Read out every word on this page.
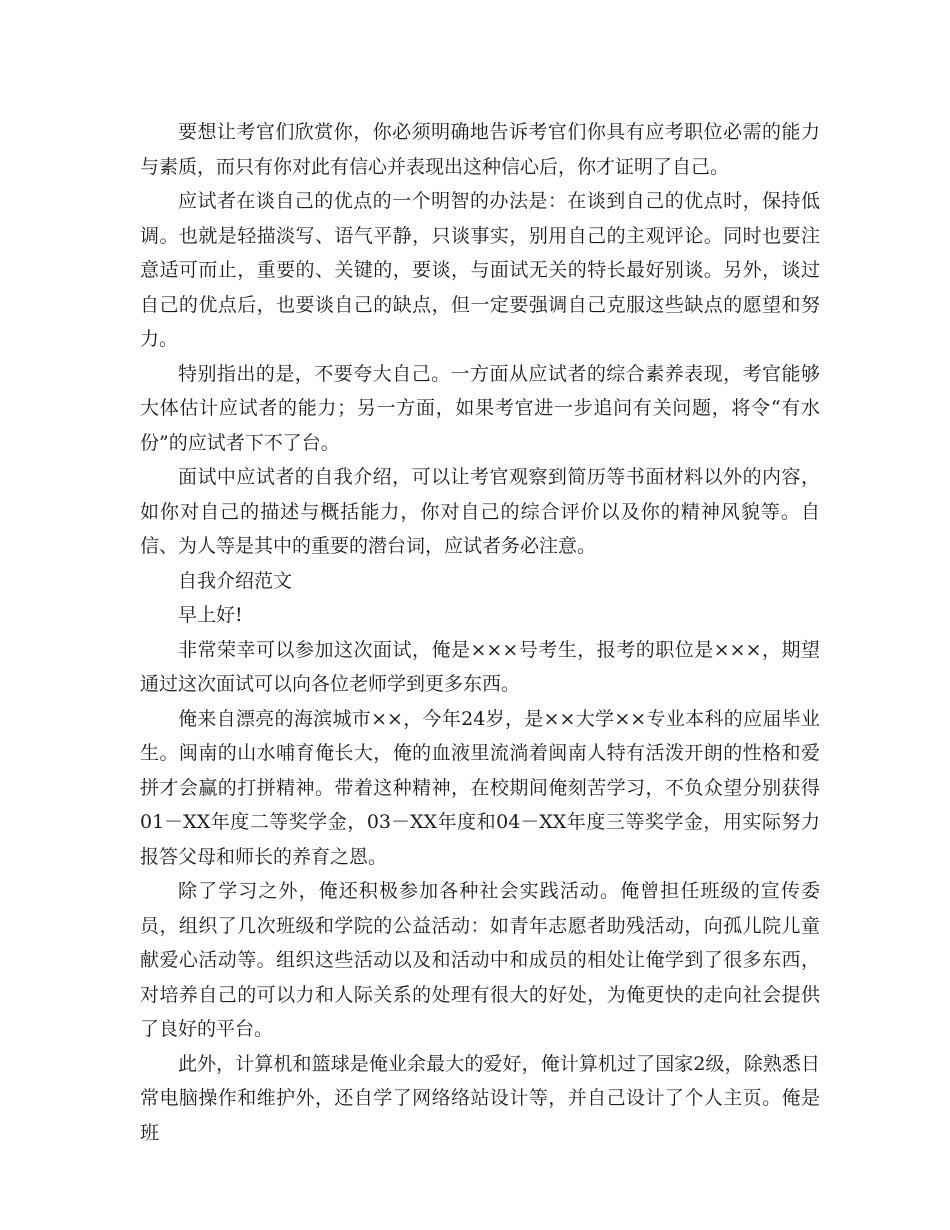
要想让考官们欣赏你，你必须明确地告诉考官们你具有应考职位必需的能力与素质，而只有你对此有信心并表现出这种信心后，你才证明了自己。

应试者在谈自己的优点的一个明智的办法是：在谈到自己的优点时，保持低调。也就是轻描淡写、语气平静，只谈事实，别用自己的主观评论。同时也要注意适可而止，重要的、关键的，要谈，与面试无关的特长最好别谈。另外，谈过自己的优点后，也要谈自己的缺点，但一定要强调自己克服这些缺点的愿望和努力。

特别指出的是，不要夸大自己。一方面从应试者的综合素养表现，考官能够大体估计应试者的能力；另一方面，如果考官进一步追问有关问题，将令“有水份”的应试者下不了台。

面试中应试者的自我介绍，可以让考官观察到简历等书面材料以外的内容，如你对自己的描述与概括能力，你对自己的综合评价以及你的精神风貌等。自信、为人等是其中的重要的潜台词，应试者务必注意。

自我介绍范文

早上好!

非常荣幸可以参加这次面试，俺是×××号考生，报考的职位是×××，期望通过这次面试可以向各位老师学到更多东西。

俺来自漂亮的海滨城市××，今年24岁，是××大学××专业本科的应届毕业生。闽南的山水哺育俺长大，俺的血液里流淌着闽南人特有活泼开朗的性格和爱拼才会赢的打拼精神。带着这种精神，在校期间俺刻苦学习，不负众望分别获得01－XX年度二等奖学金，03－XX年度和04－XX年度三等奖学金，用实际努力报答父母和师长的养育之恩。

除了学习之外，俺还积极参加各种社会实践活动。俺曾担任班级的宣传委员，组织了几次班级和学院的公益活动：如青年志愿者助残活动，向孤儿院儿童献爱心活动等。组织这些活动以及和活动中和成员的相处让俺学到了很多东西，对培养自己的可以力和人际关系的处理有很大的好处，为俺更快的走向社会提供了良好的平台。

此外，计算机和篮球是俺业余最大的爱好，俺计算机过了国家2级，除熟悉日常电脑操作和维护外，还自学了网络络站设计等，并自己设计了个人主页。俺是班
